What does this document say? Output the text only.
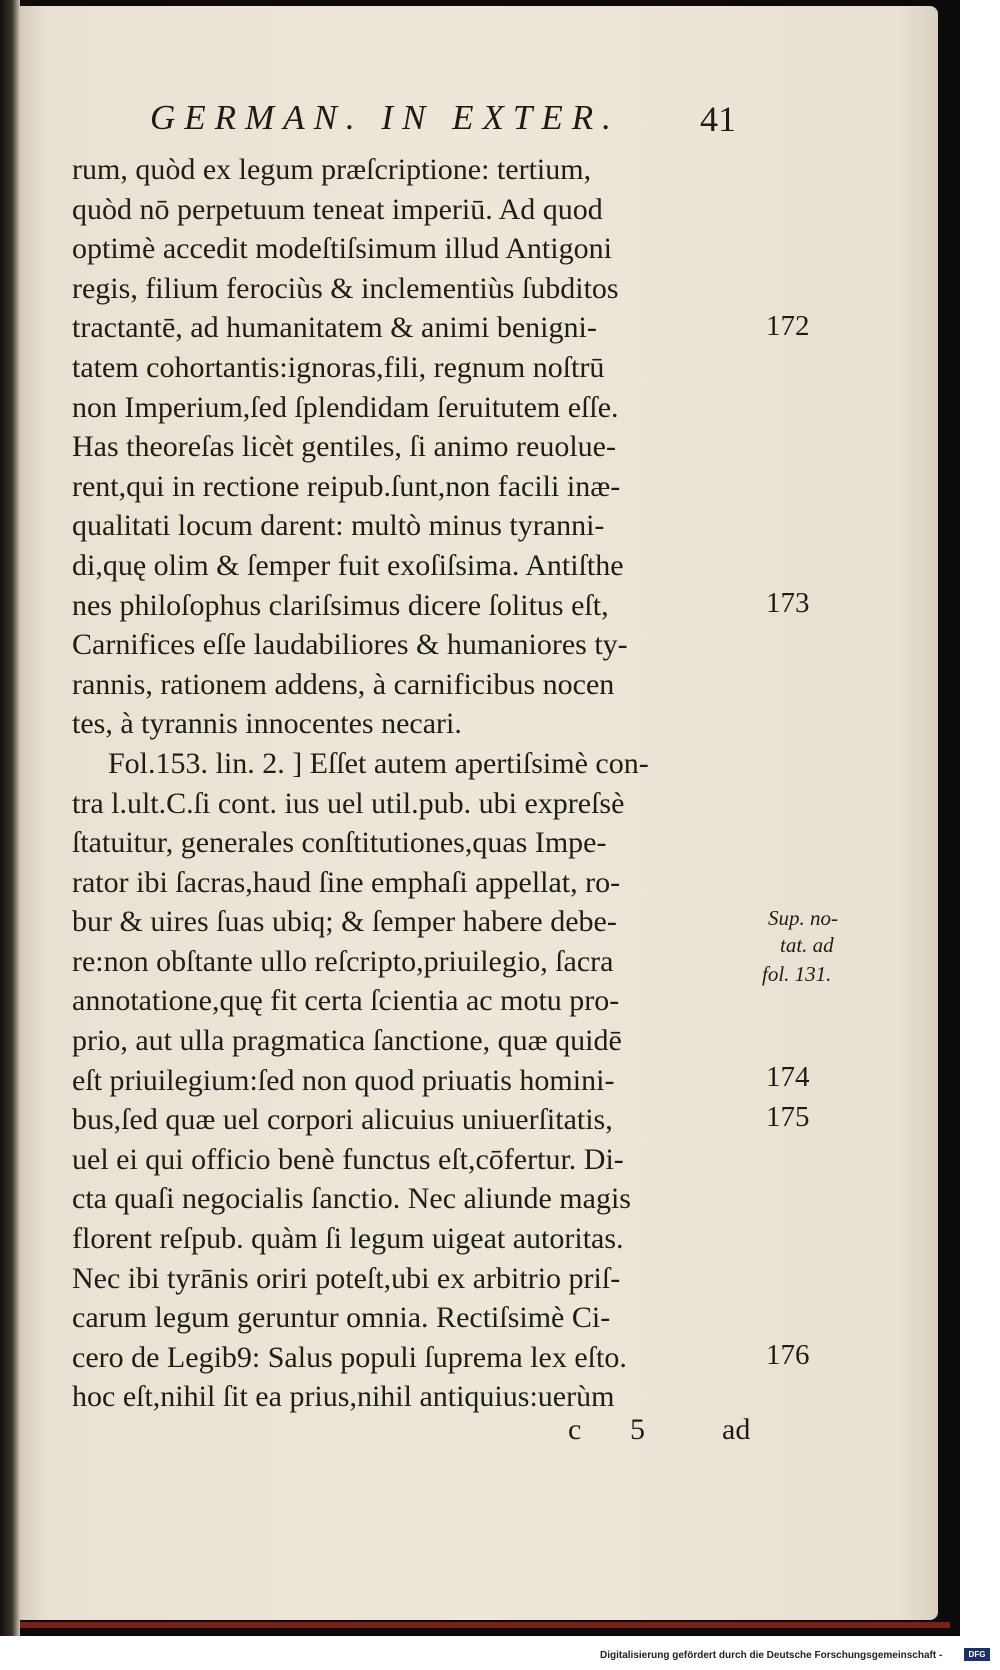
GERMAN. IN EXTER. 41
rum, quòd ex legum præſcriptione: tertium,
quòd nō perpetuum teneat imperiū. Ad quod
optimè accedit modeſtiſsimum illud Antigoni
regis, filium ferociùs & inclementiùs ſubditos
tractantē, ad humanitatem & animi benigni-
tatem cohortantis:ignoras,fili, regnum noſtrū
non Imperium,ſed ſplendidam ſeruitutem eſſe.
Has theoreſas licèt gentiles, ſi animo reuolue-
rent,qui in rectione reipub.ſunt,non facili inæ-
qualitati locum darent: multò minus tyranni-
di,quę olim & ſemper fuit exoſiſsima. Antiſthe
nes philoſophus clariſsimus dicere ſolitus eſt,
Carnifices eſſe laudabiliores & humaniores ty-
rannis, rationem addens, à carnificibus nocen
tes, à tyrannis innocentes necari.
Fol.153. lin. 2. ] Eſſet autem apertiſsimè con-
tra l.ult.C.ſi cont. ius uel util.pub. ubi expreſsè
ſtatuitur, generales conſtitutiones,quas Impe-
rator ibi ſacras,haud ſine emphaſi appellat, ro-
bur & uires ſuas ubiq; & ſemper habere debe-
re:non obſtante ullo reſcripto,priuilegio, ſacra
annotatione,quę fit certa ſcientia ac motu pro-
prio, aut ulla pragmatica ſanctione, quæ quidē
eſt priuilegium:ſed non quod priuatis homini-
bus,ſed quæ uel corpori alicuius uniuerſitatis,
uel ei qui officio benè functus eſt,cōfertur. Di-
cta quaſi negocialis ſanctio. Nec aliunde magis
florent reſpub. quàm ſi legum uigeat autoritas.
Nec ibi tyrānis oriri poteſt,ubi ex arbitrio priſ-
carum legum geruntur omnia. Rectiſsimè Ci-
cero de Legib9: Salus populi ſuprema lex eſto.
hoc eſt,nihil ſit ea prius,nihil antiquius:uerùm
172
173
174
175
176
Sup. no-
tat. ad
fol. 131.
c 5	ad
Digitalisierung gefördert durch die Deutsche Forschungsgemeinschaft -	DFG
